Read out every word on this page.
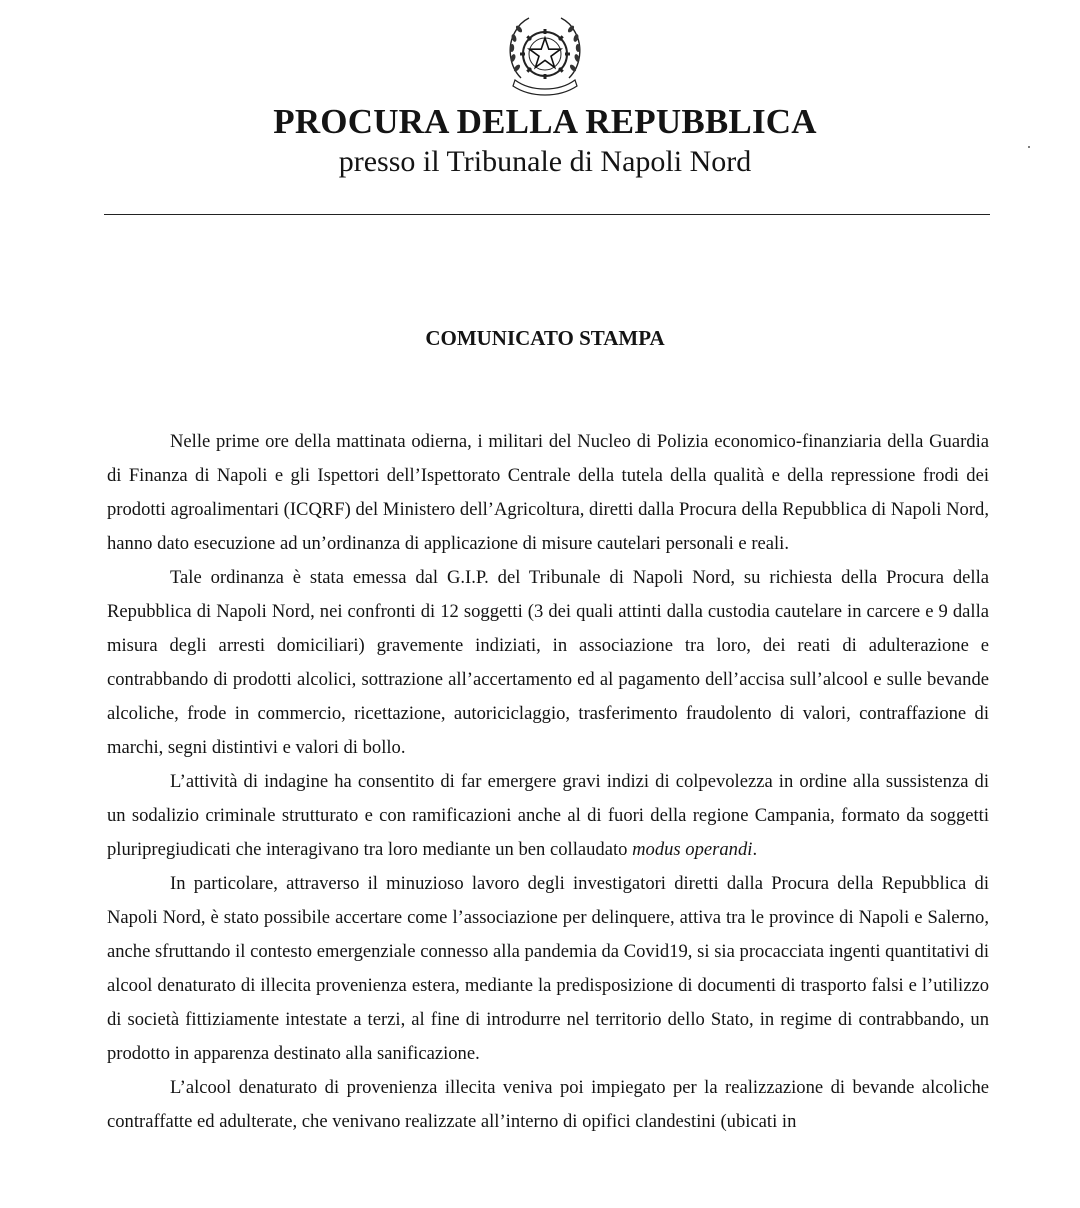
PROCURA DELLA REPUBBLICA
presso il Tribunale di Napoli Nord
COMUNICATO STAMPA

Nelle prime ore della mattinata odierna, i militari del Nucleo di Polizia economico-finanziaria della Guardia di Finanza di Napoli e gli Ispettori dell’Ispettorato Centrale della tutela della qualità e della repressione frodi dei prodotti agroalimentari (ICQRF) del Ministero dell’Agricoltura, diretti dalla Procura della Repubblica di Napoli Nord, hanno dato esecuzione ad un’ordinanza di applicazione di misure cautelari personali e reali.

Tale ordinanza è stata emessa dal G.I.P. del Tribunale di Napoli Nord, su richiesta della Procura della Repubblica di Napoli Nord, nei confronti di 12 soggetti (3 dei quali attinti dalla custodia cautelare in carcere e 9 dalla misura degli arresti domiciliari) gravemente indiziati, in associazione tra loro, dei reati di adulterazione e contrabbando di prodotti alcolici, sottrazione all’accertamento ed al pagamento dell’accisa sull’alcool e sulle bevande alcoliche, frode in commercio, ricettazione, autoriciclaggio, trasferimento fraudolento di valori, contraffazione di marchi, segni distintivi e valori di bollo.

L’attività di indagine ha consentito di far emergere gravi indizi di colpevolezza in ordine alla sussistenza di un sodalizio criminale strutturato e con ramificazioni anche al di fuori della regione Campania, formato da soggetti pluripregiudicati che interagivano tra loro mediante un ben collaudato modus operandi.

In particolare, attraverso il minuzioso lavoro degli investigatori diretti dalla Procura della Repubblica di Napoli Nord, è stato possibile accertare come l’associazione per delinquere, attiva tra le province di Napoli e Salerno, anche sfruttando il contesto emergenziale connesso alla pandemia da Covid19, si sia procacciata ingenti quantitativi di alcool denaturato di illecita provenienza estera, mediante la predisposizione di documenti di trasporto falsi e l’utilizzo di società fittiziamente intestate a terzi, al fine di introdurre nel territorio dello Stato, in regime di contrabbando, un prodotto in apparenza destinato alla sanificazione.

L’alcool denaturato di provenienza illecita veniva poi impiegato per la realizzazione di bevande alcoliche contraffatte ed adulterate, che venivano realizzate all’interno di opifici clandestini (ubicati in
